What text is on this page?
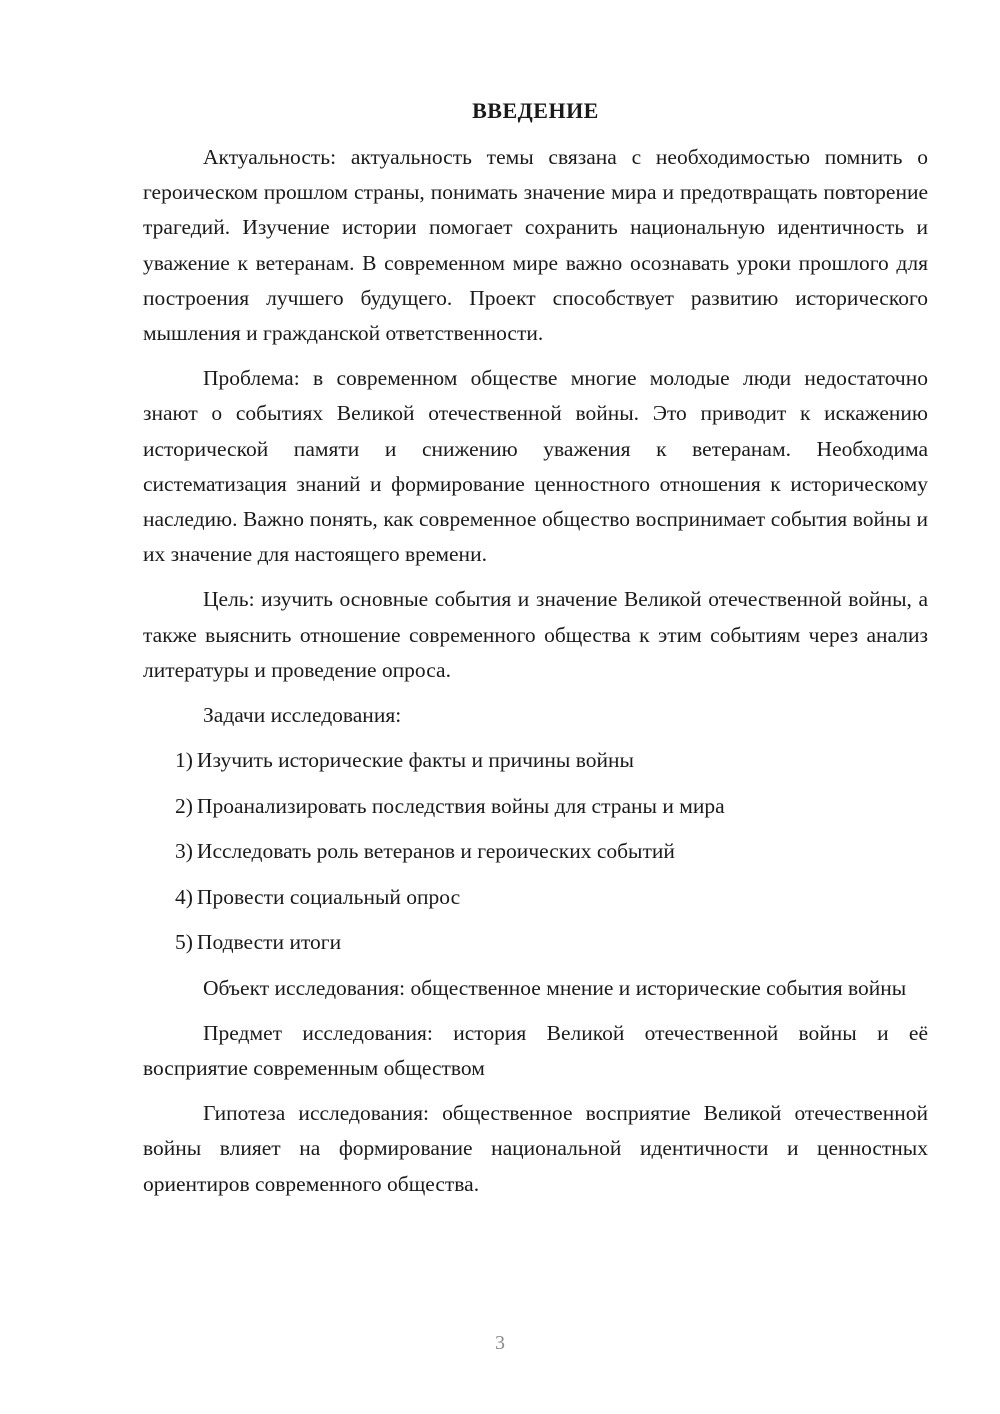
ВВЕДЕНИЕ

Актуальность: актуальность темы связана с необходимостью помнить о героическом прошлом страны, понимать значение мира и предотвращать повторение трагедий. Изучение истории помогает сохранить национальную идентичность и уважение к ветеранам. В современном мире важно осознавать уроки прошлого для построения лучшего будущего. Проект способствует развитию исторического мышления и гражданской ответственности.

Проблема: в современном обществе многие молодые люди недостаточно знают о событиях Великой отечественной войны. Это приводит к искажению исторической памяти и снижению уважения к ветеранам. Необходима систематизация знаний и формирование ценностного отношения к историческому наследию. Важно понять, как современное общество воспринимает события войны и их значение для настоящего времени.

Цель: изучить основные события и значение Великой отечественной войны, а также выяснить отношение современного общества к этим событиям через анализ литературы и проведение опроса.

Задачи исследования:

1) Изучить исторические факты и причины войны
2) Проанализировать последствия войны для страны и мира
3) Исследовать роль ветеранов и героических событий
4) Провести социальный опрос
5) Подвести итоги

Объект исследования: общественное мнение и исторические события войны

Предмет исследования: история Великой отечественной войны и её восприятие современным обществом

Гипотеза исследования: общественное восприятие Великой отечественной войны влияет на формирование национальной идентичности и ценностных ориентиров современного общества.

3
